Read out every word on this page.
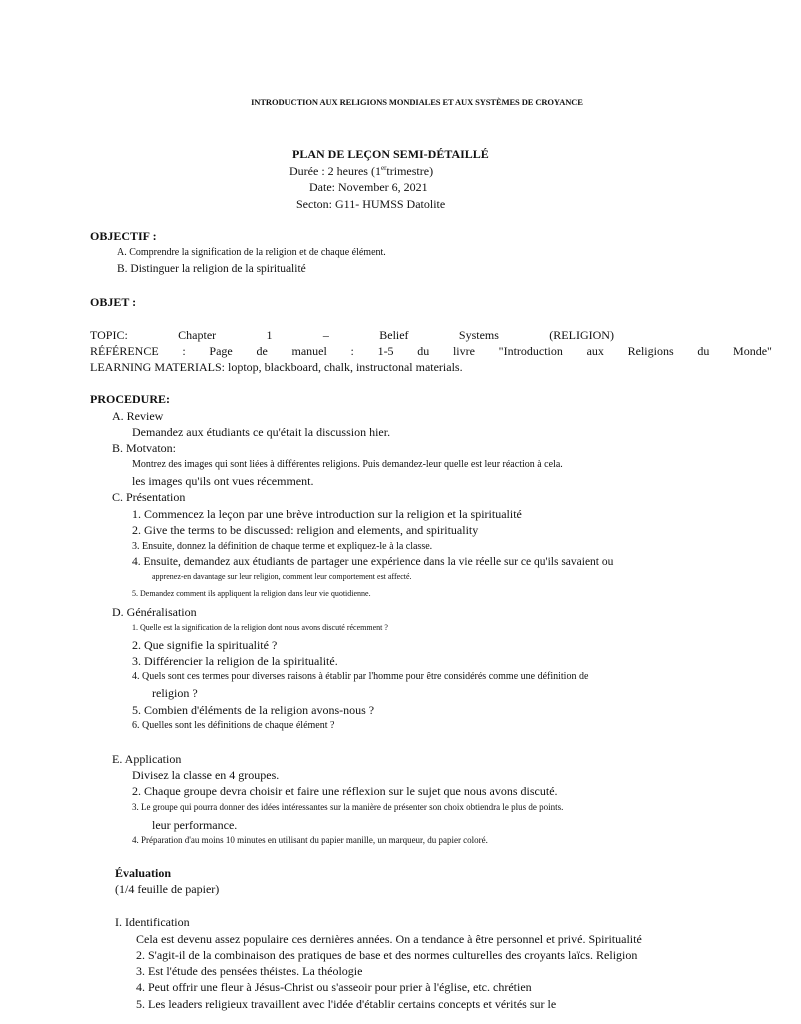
INTRODUCTION AUX RELIGIONS MONDIALES ET AUX SYSTÈMES DE CROYANCE
PLAN DE LEÇON SEMI-DÉTAILLÉ
Durée : 2 heures (1ertrimestre)
Date: November 6, 2021
Secton: G11- HUMSS Datolite
OBJECTIF :
A. Comprendre la signification de la religion et de chaque élément.
B. Distinguer la religion de la spiritualité
OBJET :
TOPIC:	Chapter	1	–	Belief	Systems	(RELIGION)
RÉFÉRENCE : Page de manuel : 1-5 du livre "Introduction aux Religions du Monde"
LEARNING MATERIALS: loptop, blackboard, chalk, instructonal materials.
PROCEDURE:
A. Review
Demandez aux étudiants ce qu'était la discussion hier.
B. Motvaton:
Montrez des images qui sont liées à différentes religions. Puis demandez-leur quelle est leur réaction à cela.
les images qu'ils ont vues récemment.
C. Présentation
1. Commencez la leçon par une brève introduction sur la religion et la spiritualité
2. Give the terms to be discussed: religion and elements, and spirituality
3. Ensuite, donnez la définition de chaque terme et expliquez-le à la classe.
4. Ensuite, demandez aux étudiants de partager une expérience dans la vie réelle sur ce qu'ils savaient ou
apprenez-en davantage sur leur religion, comment leur comportement est affecté.
5. Demandez comment ils appliquent la religion dans leur vie quotidienne.
D. Généralisation
1. Quelle est la signification de la religion dont nous avons discuté récemment ?
2. Que signifie la spiritualité ?
3. Différencier la religion de la spiritualité.
4. Quels sont ces termes pour diverses raisons à établir par l'homme pour être considérés comme une définition de
religion ?
5. Combien d'éléments de la religion avons-nous ?
6. Quelles sont les définitions de chaque élément ?
E. Application
Divisez la classe en 4 groupes.
2. Chaque groupe devra choisir et faire une réflexion sur le sujet que nous avons discuté.
3. Le groupe qui pourra donner des idées intéressantes sur la manière de présenter son choix obtiendra le plus de points.
leur performance.
4. Préparation d'au moins 10 minutes en utilisant du papier manille, un marqueur, du papier coloré.
Évaluation
(1/4 feuille de papier)
I. Identification
Cela est devenu assez populaire ces dernières années. On a tendance à être personnel et privé. Spiritualité
2. S'agit-il de la combinaison des pratiques de base et des normes culturelles des croyants laïcs. Religion
3. Est l'étude des pensées théistes. La théologie
4. Peut offrir une fleur à Jésus-Christ ou s'asseoir pour prier à l'église, etc. chrétien
5. Les leaders religieux travaillent avec l'idée d'établir certains concepts et vérités sur le
